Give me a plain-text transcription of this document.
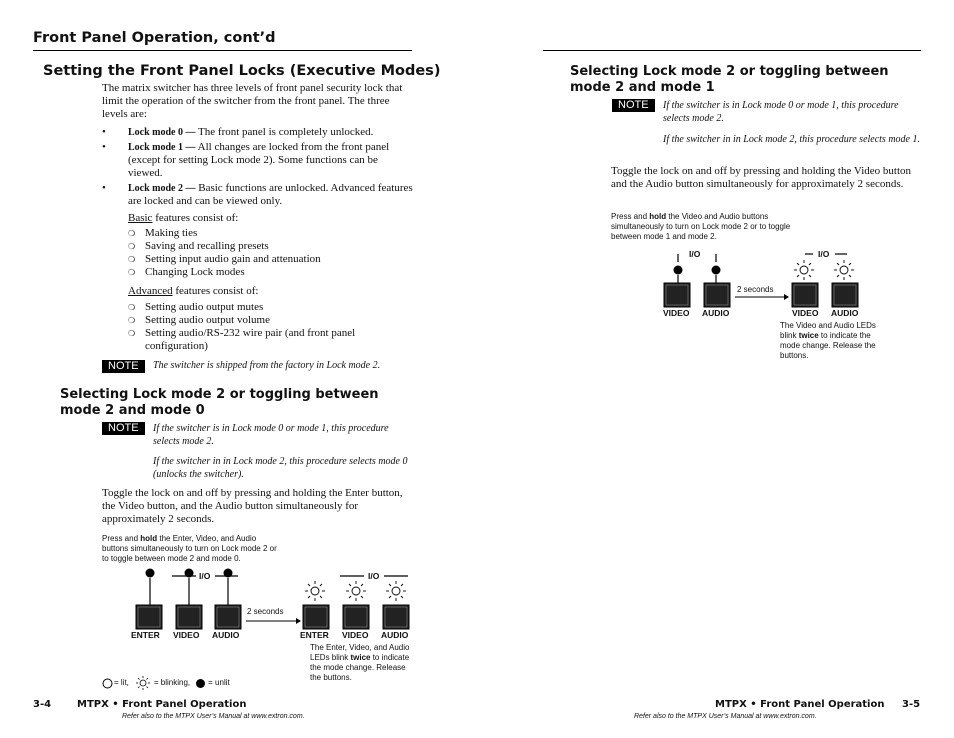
Front Panel Operation, cont’d
Setting the Front Panel Locks (Executive Modes)
The matrix switcher has three levels of front panel security lock that limit the operation of the switcher from the front panel. The three levels are:
• Lock mode 0 — The front panel is completely unlocked.
• Lock mode 1 — All changes are locked from the front panel (except for setting Lock mode 2). Some functions can be viewed.
• Lock mode 2 — Basic functions are unlocked. Advanced features are locked and can be viewed only.
Basic features consist of:
❍ Making ties
❍ Saving and recalling presets
❍ Setting input audio gain and attenuation
❍ Changing Lock modes
Advanced features consist of:
❍ Setting audio output mutes
❍ Setting audio output volume
❍ Setting audio/RS-232 wire pair (and front panel configuration)
NOTE	The switcher is shipped from the factory in Lock mode 2.
Selecting Lock mode 2 or toggling between mode 2 and mode 0
NOTE	If the switcher is in Lock mode 0 or mode 1, this procedure selects mode 2.
If the switcher in in Lock mode 2, this procedure selects mode 0 (unlocks the switcher).
Toggle the lock on and off by pressing and holding the Enter button, the Video button, and the Audio button simultaneously for approximately 2 seconds.
Press and hold the Enter, Video, and Audio buttons simultaneously to turn on Lock mode 2 or to toggle between mode 2 and mode 0.
I/O	I/O
2 seconds
ENTER VIDEO AUDIO	ENTER VIDEO AUDIO
The Enter, Video, and Audio LEDs blink twice to indicate the mode change. Release the buttons.
= lit,	= blinking, = unlit
3-4	MTPX • Front Panel Operation
Refer also to the MTPX User’s Manual at www.extron.com.
Selecting Lock mode 2 or toggling between mode 2 and mode 1
NOTE	If the switcher is in Lock mode 0 or mode 1, this procedure selects mode 2.
If the switcher in in Lock mode 2, this procedure selects mode 1.
Toggle the lock on and off by pressing and holding the Video button and the Audio button simultaneously for approximately 2 seconds.
Press and hold the Video and Audio buttons simultaneously to turn on Lock mode 2 or to toggle between mode 1 and mode 2.
I/O	I/O
2 seconds
VIDEO AUDIO	VIDEO AUDIO
The Video and Audio LEDs blink twice to indicate the mode change. Release the buttons.
MTPX • Front Panel Operation 3-5
Refer also to the MTPX User’s Manual at www.extron.com.
